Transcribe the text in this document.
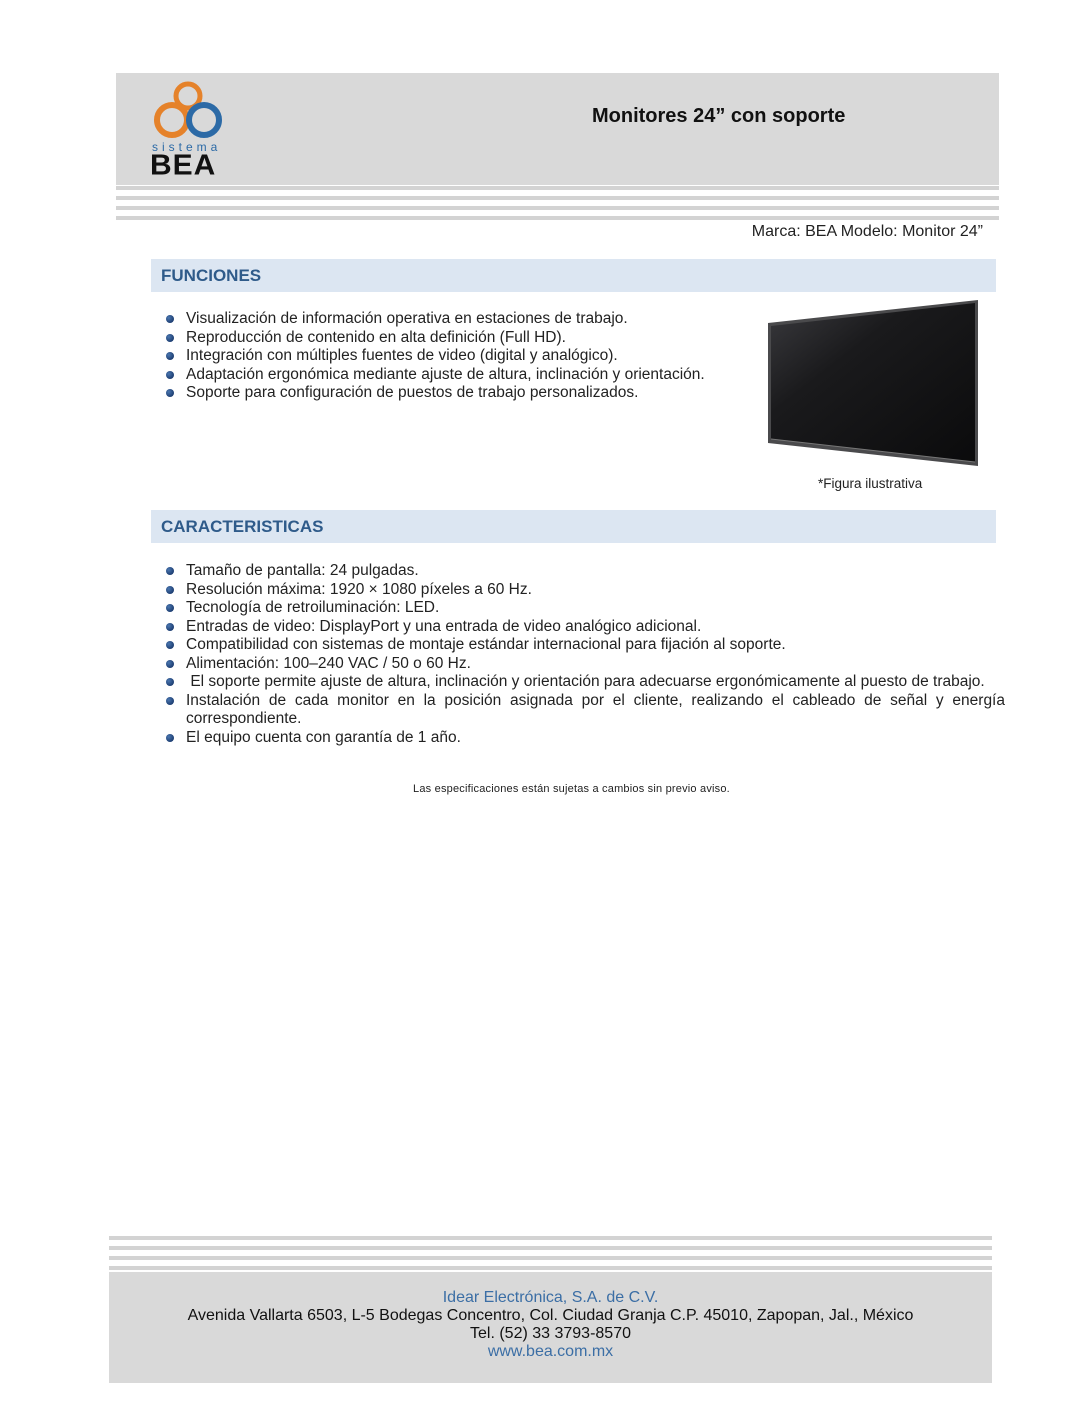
sistema
BEA
Monitores 24” con soporte
Marca: BEA Modelo: Monitor 24”
FUNCIONES
Visualización de información operativa en estaciones de trabajo.
Reproducción de contenido en alta definición (Full HD).
Integración con múltiples fuentes de video (digital y analógico).
Adaptación ergonómica mediante ajuste de altura, inclinación y orientación.
Soporte para configuración de puestos de trabajo personalizados.
*Figura ilustrativa
CARACTERISTICAS
Tamaño de pantalla: 24 pulgadas.
Resolución máxima: 1920 × 1080 píxeles a 60 Hz.
Tecnología de retroiluminación: LED.
Entradas de video: DisplayPort y una entrada de video analógico adicional.
Compatibilidad con sistemas de montaje estándar internacional para fijación al soporte.
Alimentación: 100–240 VAC / 50 o 60 Hz.
El soporte permite ajuste de altura, inclinación y orientación para adecuarse ergonómicamente al puesto de trabajo.
Instalación de cada monitor en la posición asignada por el cliente, realizando el cableado de señal y energía correspondiente.
El equipo cuenta con garantía de 1 año.
Las especificaciones están sujetas a cambios sin previo aviso.
Idear Electrónica, S.A. de C.V.
Avenida Vallarta 6503, L-5 Bodegas Concentro, Col. Ciudad Granja C.P. 45010, Zapopan, Jal., México
Tel. (52) 33 3793-8570
www.bea.com.mx
